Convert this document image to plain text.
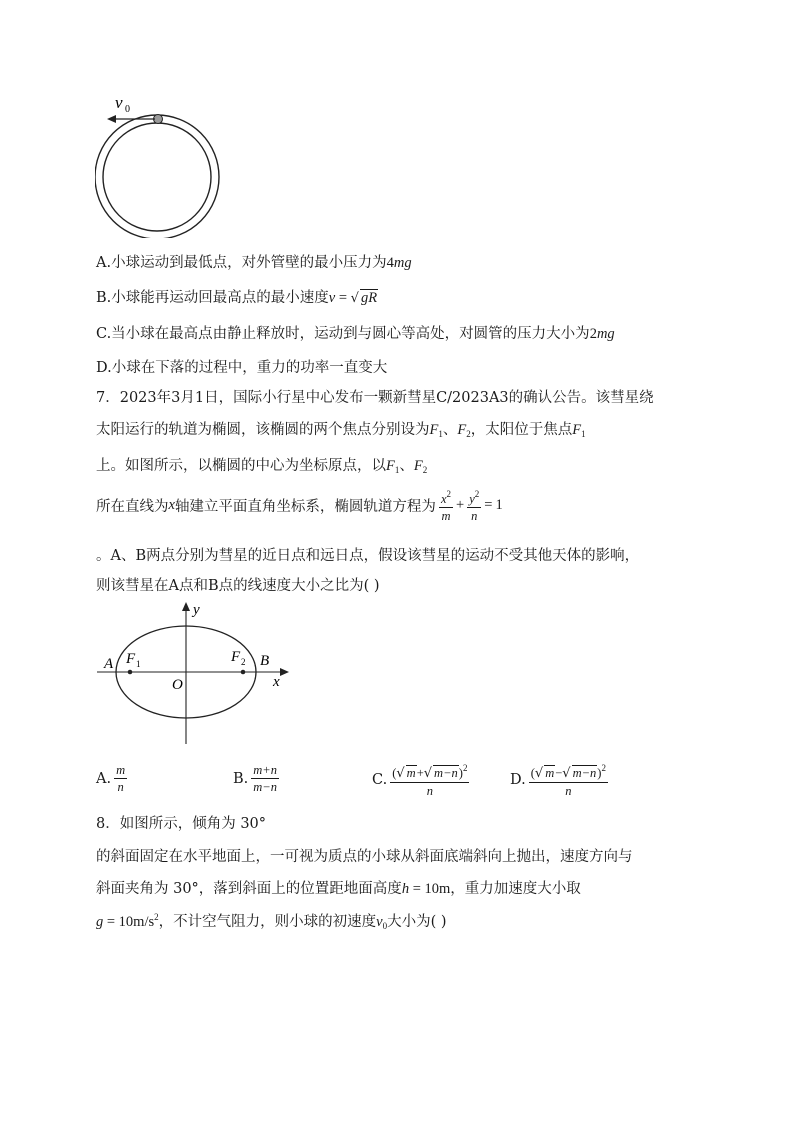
v 0
A.小球运动到最低点，对外管壁的最小压力为4mg
B.小球能再运动回最高点的最小速度v = √ gR
C.当小球在最高点由静止释放时，运动到与圆心等高处，对圆管的压力大小为2mg
D.小球在下落的过程中，重力的功率一直变大
7．2023年3月1日，国际小行星中心发布一颗新彗星C/2023A3的确认公告。该彗星绕
太阳运行的轨道为椭圆，该椭圆的两个焦点分别设为$F_1$、$F_2$，太阳位于焦点$F_1$
上。如图所示，以椭圆的中心为坐标原点，以$F_1$、$F_2$
所在直线为 x 轴建立平面直角坐标系，椭圆轨道方程为 $\frac{x^2}{m} + \frac{y^2}{n} = 1$
。A、B两点分别为彗星的近日点和远日点，假设该彗星的运动不受其他天体的影响，
则该彗星在A点和B点的线速度大小之比为( )
y
x
O
A	B
F 1	F 2
A. $\frac{m}{n}$	B. $\frac{m+n}{m-n}$	C. $\frac{(√ m+√ m-n)^2}{n}$	D. $\frac{(√ m-√ m-n)^2}{n}$
8．如图所示，倾角为 30°
的斜面固定在水平地面上，一可视为质点的小球从斜面底端斜向上抛出，速度方向与
斜面夹角为 30°，落到斜面上的位置距地面高度h = 10m，重力加速度大小取
$g = 10m/s^2$，不计空气阻力，则小球的初速度$v_0$大小为( )
